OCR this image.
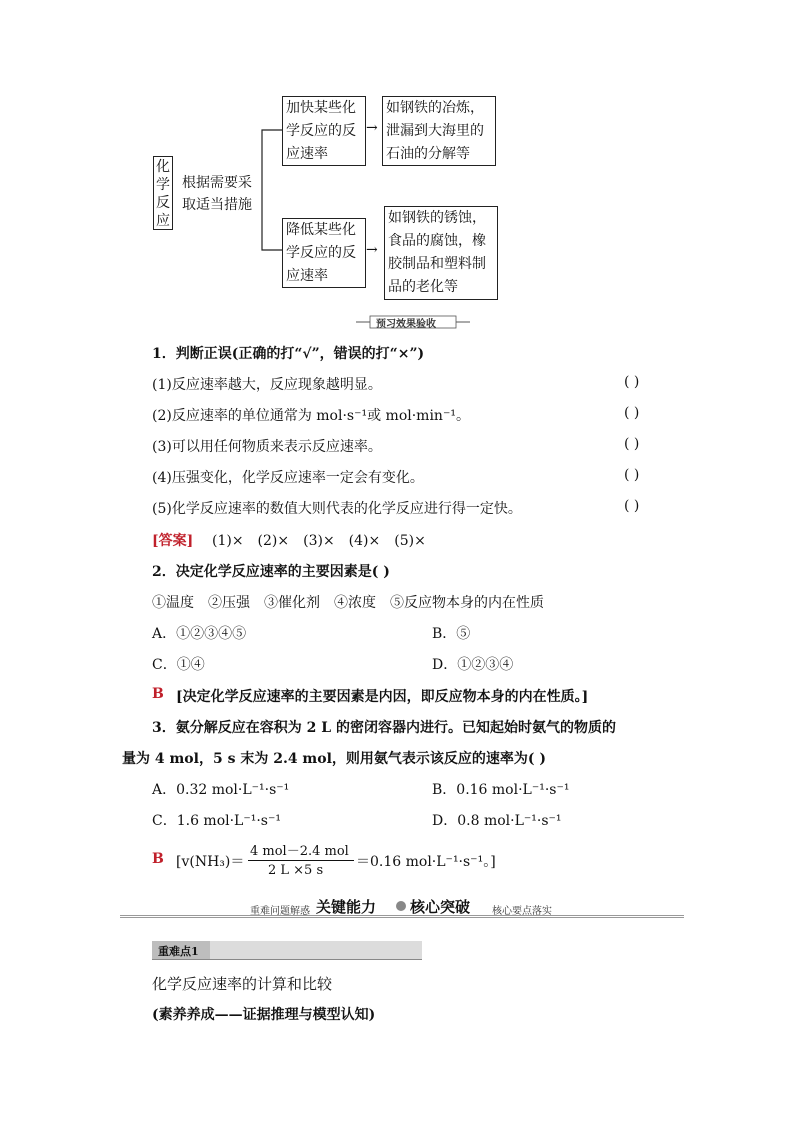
化学反应
根据需要采
取适当措施
加快某些化
学反应的反
应速率
→
如钢铁的冶炼，
泄漏到大海里的
石油的分解等
降低某些化
学反应的反
应速率
→
如钢铁的锈蚀，
食品的腐蚀，橡
胶制品和塑料制
品的老化等
预习效果验收
1．判断正误(正确的打“√”，错误的打“×”)
(1)反应速率越大，反应现象越明显。	( )
(2)反应速率的单位通常为 mol·s⁻¹或 mol·min⁻¹。	( )
(3)可以用任何物质来表示反应速率。	( )
(4)压强变化，化学反应速率一定会有变化。	( )
(5)化学反应速率的数值大则代表的化学反应进行得一定快。	( )
[答案] (1)×　(2)×　(3)×　(4)×　(5)×
2．决定化学反应速率的主要因素是( )
①温度　②压强　③催化剂　④浓度　⑤反应物本身的内在性质
A．①②③④⑤	B．⑤
C．①④	D．①②③④
B [决定化学反应速率的主要因素是内因，即反应物本身的内在性质。]
3．氨分解反应在容积为 2 L 的密闭容器内进行。已知起始时氨气的物质的
量为 4 mol，5 s 末为 2.4 mol，则用氨气表示该反应的速率为( )
A．0.32 mol·L⁻¹·s⁻¹	B．0.16 mol·L⁻¹·s⁻¹
C．1.6 mol·L⁻¹·s⁻¹	D．0.8 mol·L⁻¹·s⁻¹
B [v(NH₃)＝
4 mol－2.4 mol
2 L ×5 s
＝0.16 mol·L⁻¹·s⁻¹。]
重难问题解惑 关键能力 核心突破 核心要点落实
重难点1
化学反应速率的计算和比较
(素养养成——证据推理与模型认知)
